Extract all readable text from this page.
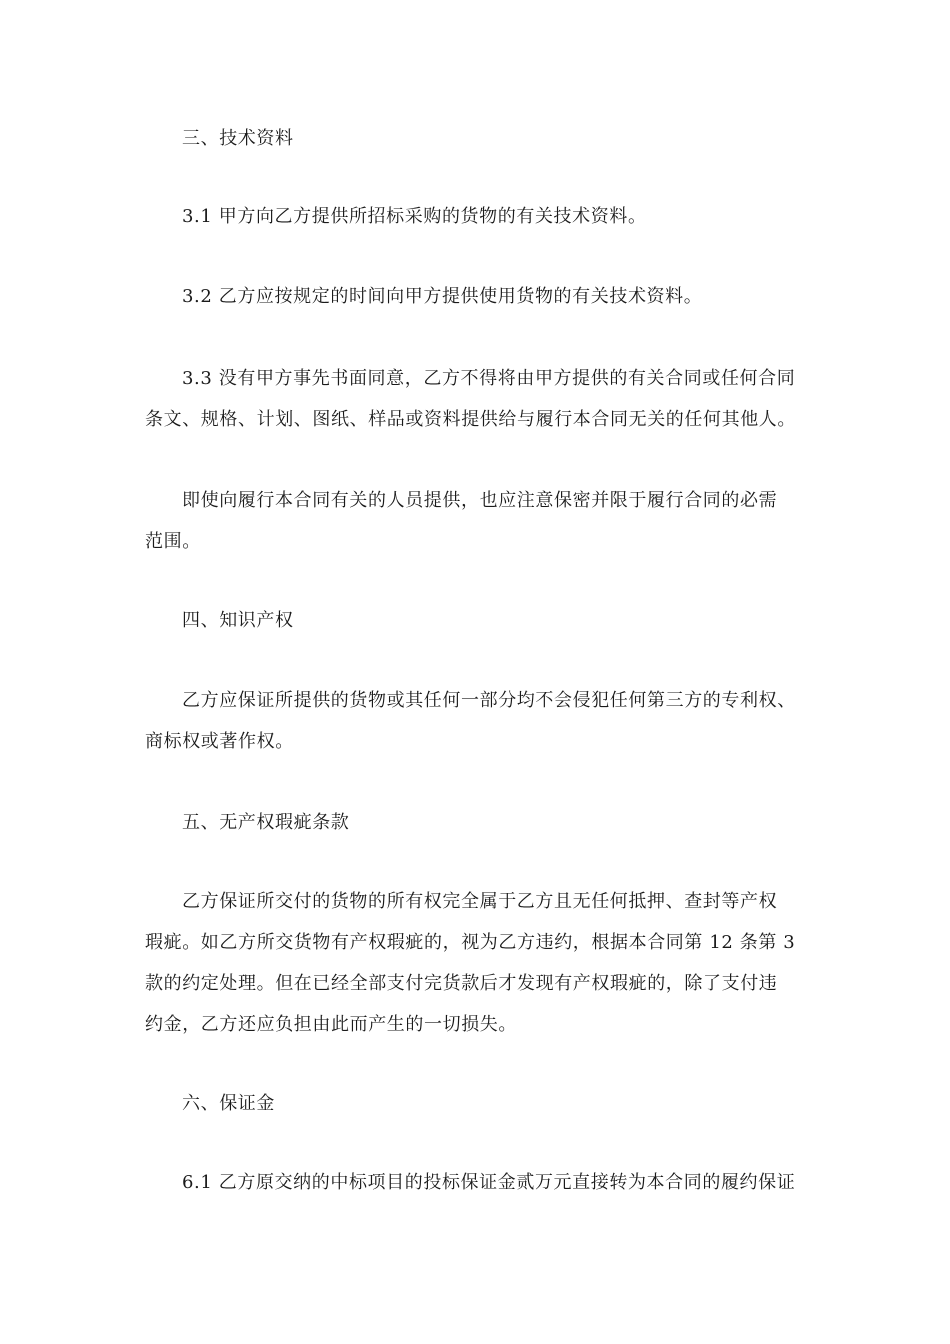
三、技术资料
3.1 甲方向乙方提供所招标采购的货物的有关技术资料。
3.2 乙方应按规定的时间向甲方提供使用货物的有关技术资料。
3.3 没有甲方事先书面同意，乙方不得将由甲方提供的有关合同或任何合同
条文、规格、计划、图纸、样品或资料提供给与履行本合同无关的任何其他人。
即使向履行本合同有关的人员提供，也应注意保密并限于履行合同的必需
范围。
四、知识产权
乙方应保证所提供的货物或其任何一部分均不会侵犯任何第三方的专利权、
商标权或著作权。
五、无产权瑕疵条款
乙方保证所交付的货物的所有权完全属于乙方且无任何抵押、查封等产权
瑕疵。如乙方所交货物有产权瑕疵的，视为乙方违约，根据本合同第 12 条第 3
款的约定处理。但在已经全部支付完货款后才发现有产权瑕疵的，除了支付违
约金，乙方还应负担由此而产生的一切损失。
六、保证金
6.1 乙方原交纳的中标项目的投标保证金贰万元直接转为本合同的履约保证
